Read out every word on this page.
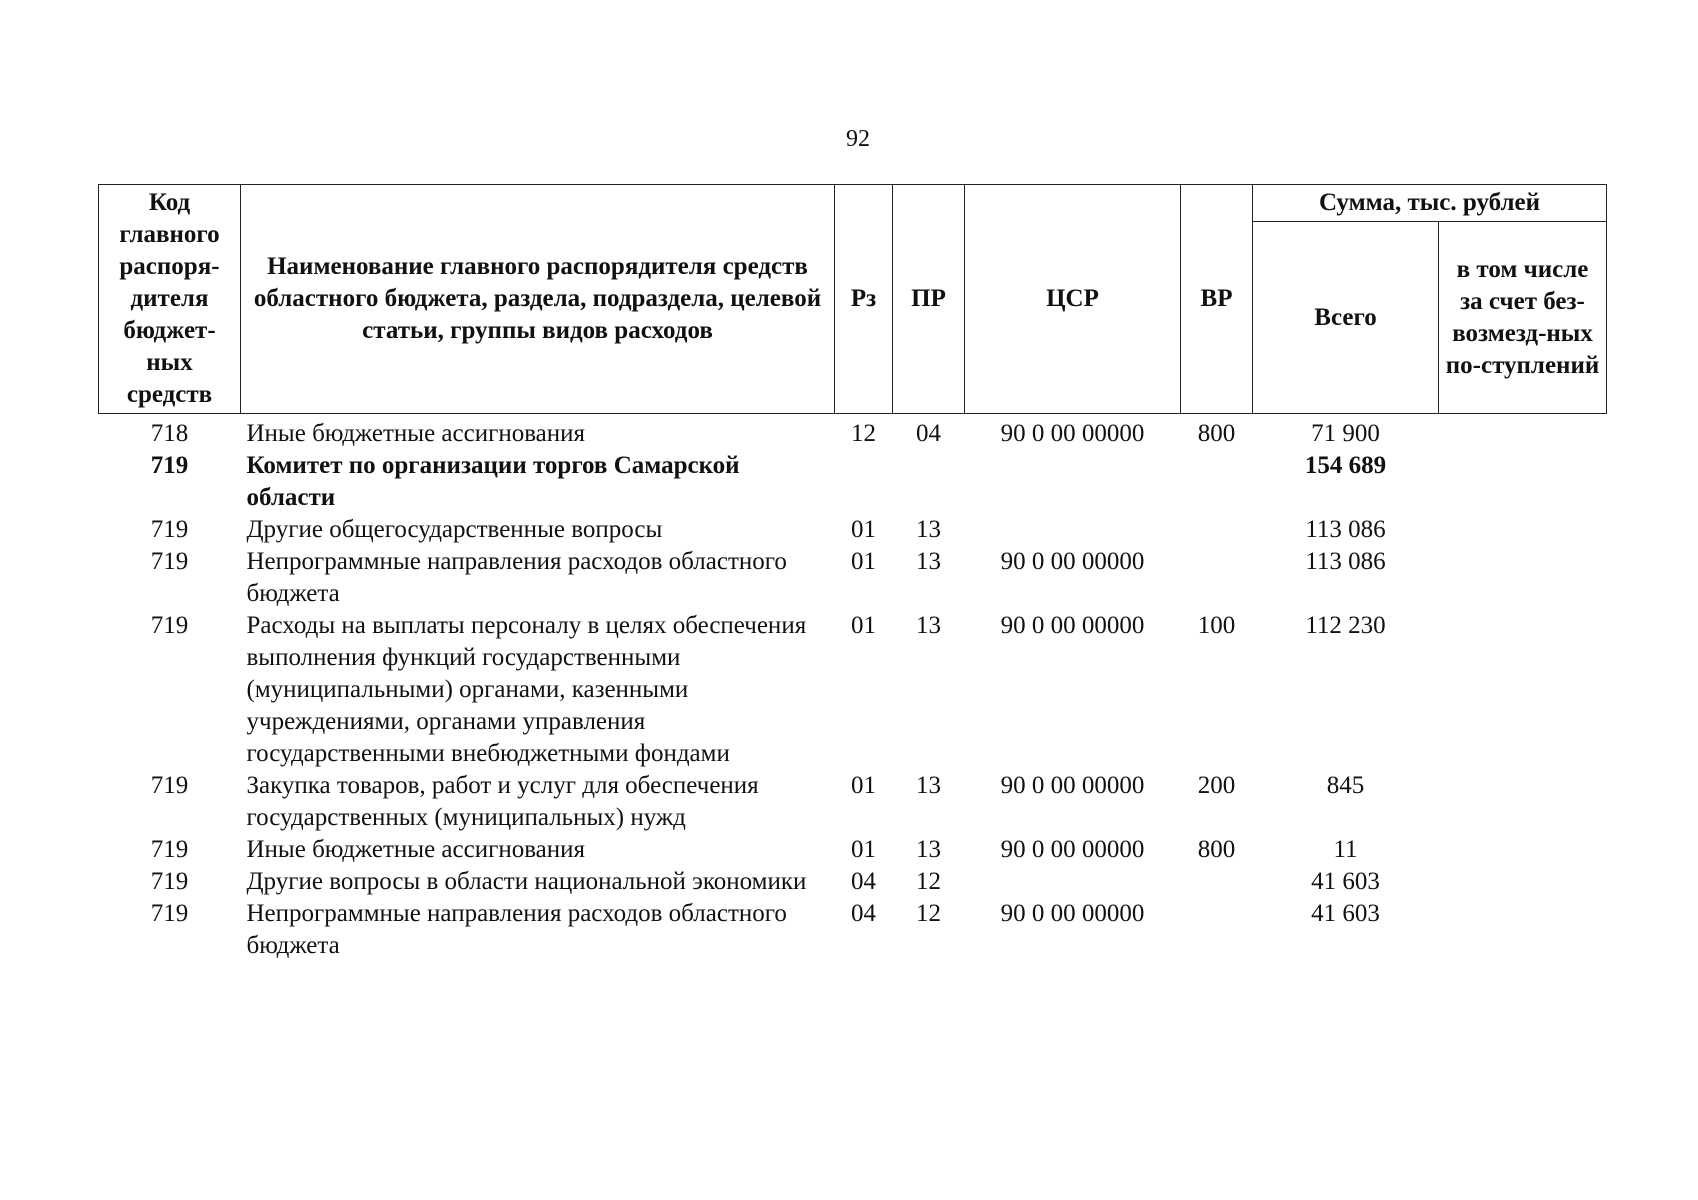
92
Код главного распоря-дителя бюджет-ных средств	Наименование главного распорядителя средств областного бюджета, раздела, подраздела, целевой статьи, группы видов расходов	Рз	ПР	ЦСР	ВР	Сумма, тыс. рублей	
						Всего	в том числе за счет без-возмезд-ных по-ступлений
718	Иные бюджетные ассигнования	12	04	90 0 00 00000	800	71 900	
719	Комитет по организации торгов Самарской области					154 689	
719	Другие общегосударственные вопросы	01	13			113 086	
719	Непрограммные направления расходов областного бюджета	01	13	90 0 00 00000		113 086	
719	Расходы на выплаты персоналу в целях обеспечения выполнения функций государственными (муниципальными) органами, казенными учреждениями, органами управления государственными внебюджетными фондами	01	13	90 0 00 00000	100	112 230	
719	Закупка товаров, работ и услуг для обеспечения государственных (муниципальных) нужд	01	13	90 0 00 00000	200	845	
719	Иные бюджетные ассигнования	01	13	90 0 00 00000	800	11	
719	Другие вопросы в области национальной экономики	04	12			41 603	
719	Непрограммные направления расходов областного бюджета	04	12	90 0 00 00000		41 603	
